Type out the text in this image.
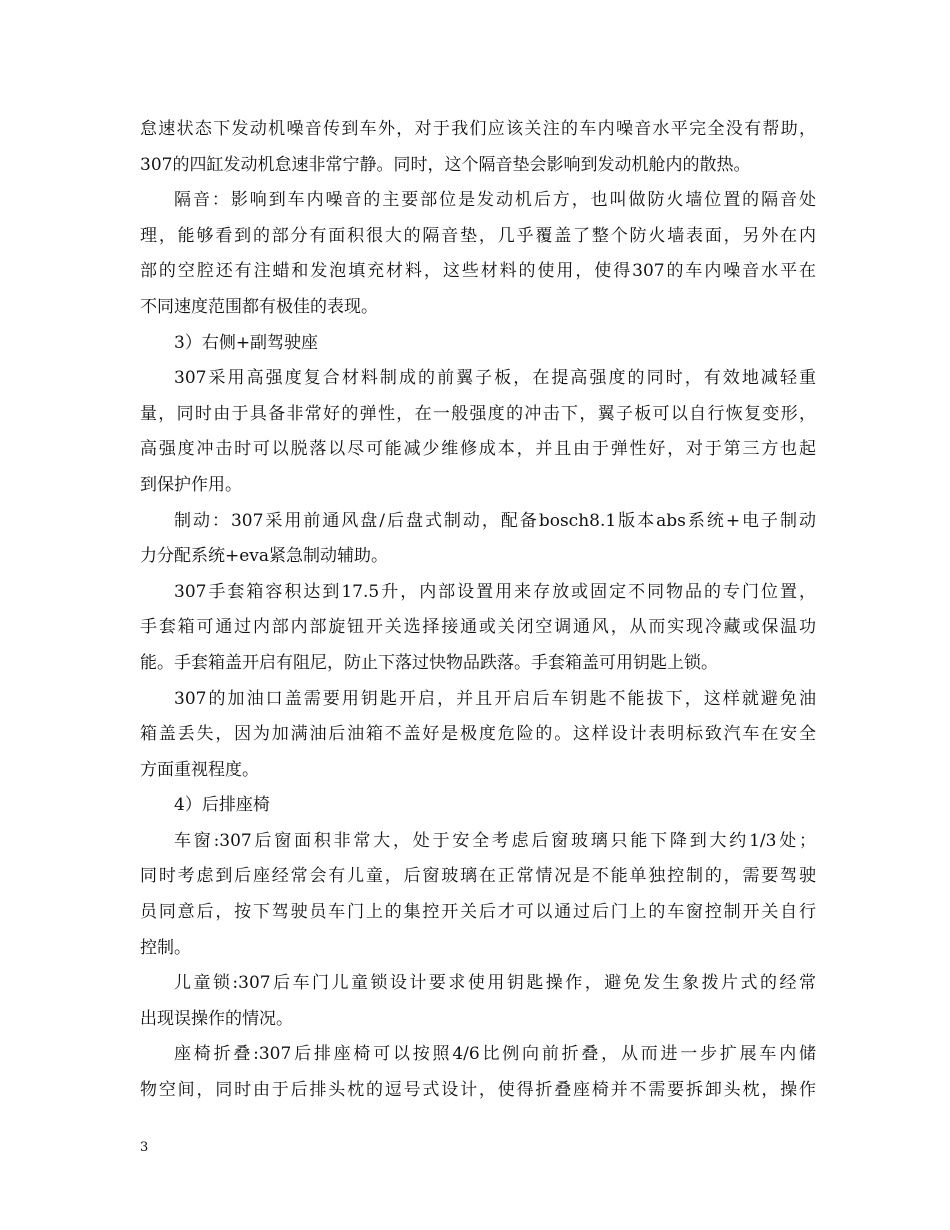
怠速状态下发动机噪音传到车外，对于我们应该关注的车内噪音水平完全没有帮助，
307的四缸发动机怠速非常宁静。同时，这个隔音垫会影响到发动机舱内的散热。
隔音：影响到车内噪音的主要部位是发动机后方，也叫做防火墙位置的隔音处
理，能够看到的部分有面积很大的隔音垫，几乎覆盖了整个防火墙表面，另外在内
部的空腔还有注蜡和发泡填充材料，这些材料的使用，使得307的车内噪音水平在
不同速度范围都有极佳的表现。
3）右侧+副驾驶座
307采用高强度复合材料制成的前翼子板，在提高强度的同时，有效地减轻重
量，同时由于具备非常好的弹性，在一般强度的冲击下，翼子板可以自行恢复变形，
高强度冲击时可以脱落以尽可能减少维修成本，并且由于弹性好，对于第三方也起
到保护作用。
制动：307采用前通风盘/后盘式制动，配备bosch8.1版本abs系统+电子制动
力分配系统+eva紧急制动辅助。
307手套箱容积达到17.5升，内部设置用来存放或固定不同物品的专门位置，
手套箱可通过内部内部旋钮开关选择接通或关闭空调通风，从而实现冷藏或保温功
能。手套箱盖开启有阻尼，防止下落过快物品跌落。手套箱盖可用钥匙上锁。
307的加油口盖需要用钥匙开启，并且开启后车钥匙不能拔下，这样就避免油
箱盖丢失，因为加满油后油箱不盖好是极度危险的。这样设计表明标致汽车在安全
方面重视程度。
4）后排座椅
车窗:307后窗面积非常大，处于安全考虑后窗玻璃只能下降到大约1/3处；
同时考虑到后座经常会有儿童，后窗玻璃在正常情况是不能单独控制的，需要驾驶
员同意后，按下驾驶员车门上的集控开关后才可以通过后门上的车窗控制开关自行
控制。
儿童锁:307后车门儿童锁设计要求使用钥匙操作，避免发生象拨片式的经常
出现误操作的情况。
座椅折叠:307后排座椅可以按照4/6比例向前折叠，从而进一步扩展车内储
物空间，同时由于后排头枕的逗号式设计，使得折叠座椅并不需要拆卸头枕，操作
3
